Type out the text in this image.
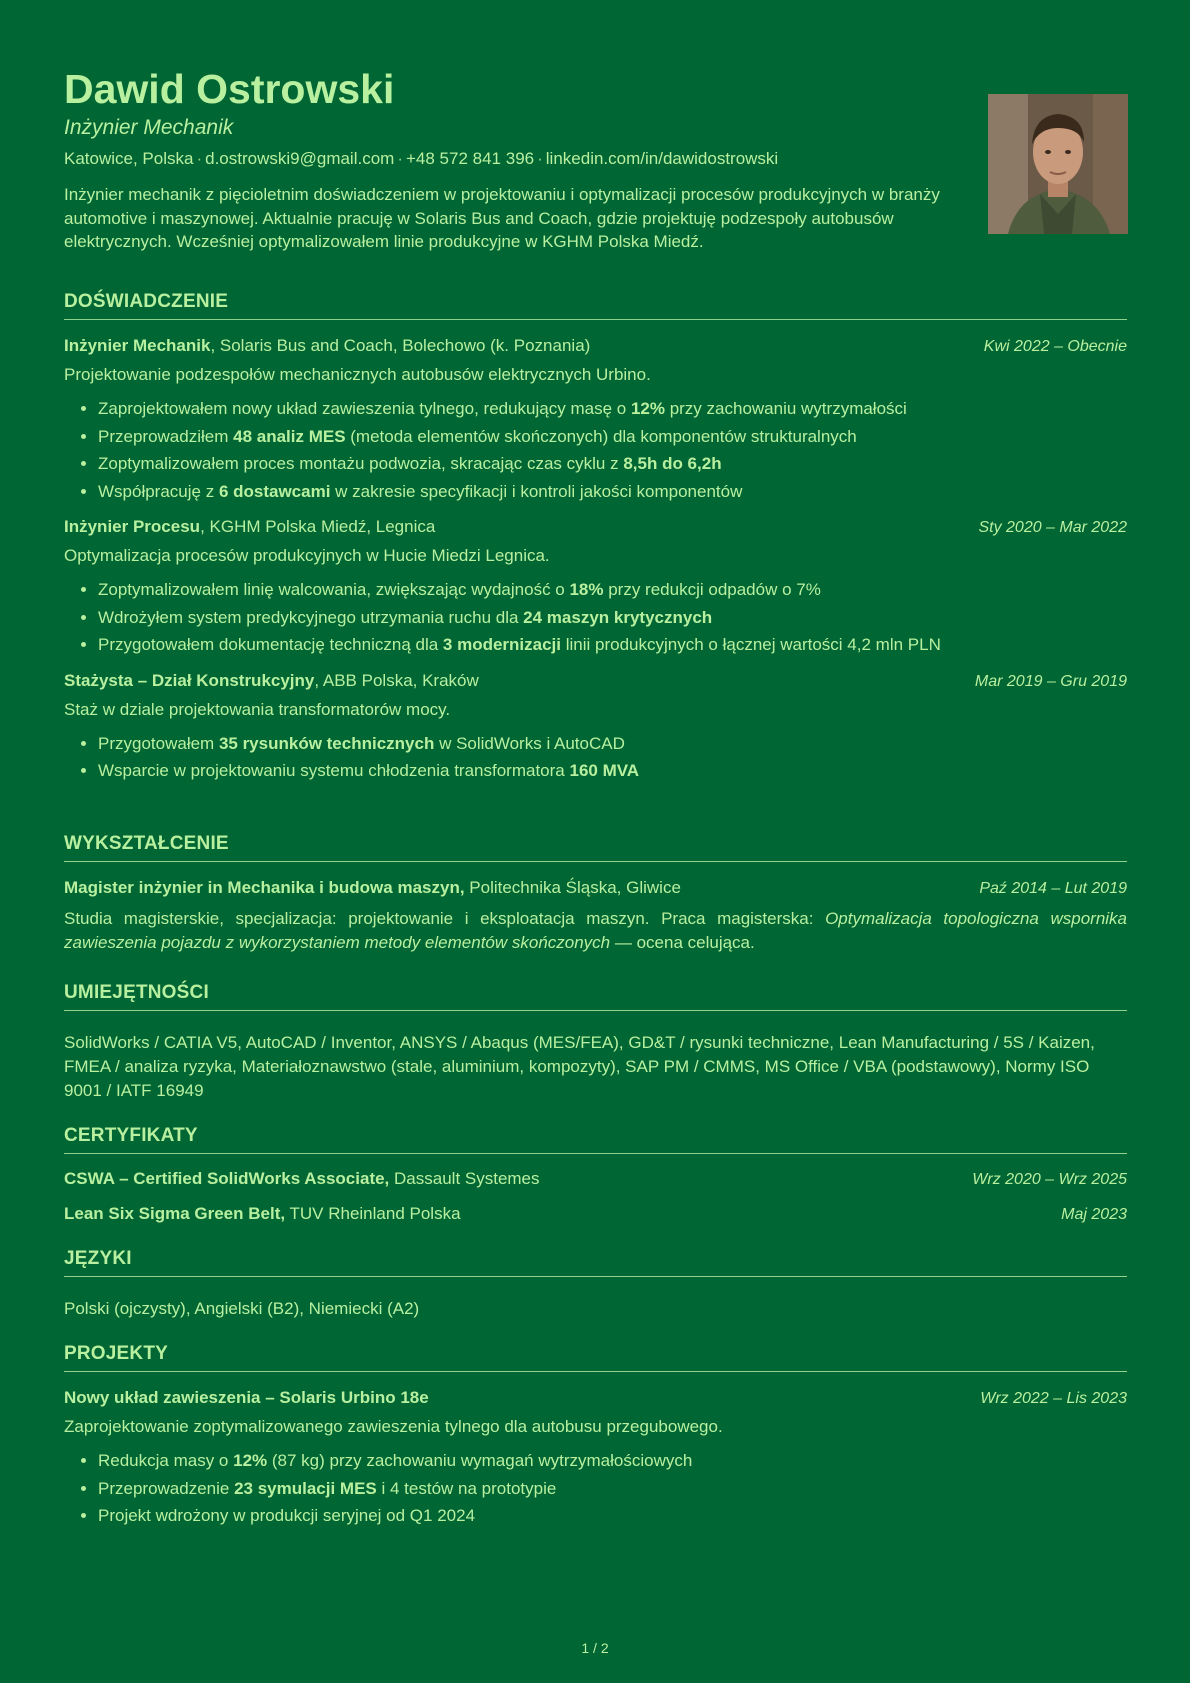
Dawid Ostrowski
Inżynier Mechanik
Katowice, Polska · d.ostrowski9@gmail.com · +48 572 841 396 · linkedin.com/in/dawidostrowski
Inżynier mechanik z pięcioletnim doświadczeniem w projektowaniu i optymalizacji procesów produkcyjnych w branży automotive i maszynowej. Aktualnie pracuję w Solaris Bus and Coach, gdzie projektuję podzespoły autobusów elektrycznych. Wcześniej optymalizowałem linie produkcyjne w KGHM Polska Miedź.
DOŚWIADCZENIE
Inżynier Mechanik, Solaris Bus and Coach, Bolechowo (k. Poznania)	Kwi 2022 – Obecnie
Projektowanie podzespołów mechanicznych autobusów elektrycznych Urbino.
• Zaprojektowałem nowy układ zawieszenia tylnego, redukujący masę o 12% przy zachowaniu wytrzymałości
• Przeprowadziłem 48 analiz MES (metoda elementów skończonych) dla komponentów strukturalnych
• Zoptymalizowałem proces montażu podwozia, skracając czas cyklu z 8,5h do 6,2h
• Współpracuję z 6 dostawcami w zakresie specyfikacji i kontroli jakości komponentów
Inżynier Procesu, KGHM Polska Miedź, Legnica	Sty 2020 – Mar 2022
Optymalizacja procesów produkcyjnych w Hucie Miedzi Legnica.
• Zoptymalizowałem linię walcowania, zwiększając wydajność o 18% przy redukcji odpadów o 7%
• Wdrożyłem system predykcyjnego utrzymania ruchu dla 24 maszyn krytycznych
• Przygotowałem dokumentację techniczną dla 3 modernizacji linii produkcyjnych o łącznej wartości 4,2 mln PLN
Stażysta – Dział Konstrukcyjny, ABB Polska, Kraków	Mar 2019 – Gru 2019
Staż w dziale projektowania transformatorów mocy.
• Przygotowałem 35 rysunków technicznych w SolidWorks i AutoCAD
• Wsparcie w projektowaniu systemu chłodzenia transformatora 160 MVA
WYKSZTAŁCENIE
Magister inżynier in Mechanika i budowa maszyn, Politechnika Śląska, Gliwice	Paź 2014 – Lut 2019
Studia magisterskie, specjalizacja: projektowanie i eksploatacja maszyn. Praca magisterska: Optymalizacja topologiczna wspornika zawieszenia pojazdu z wykorzystaniem metody elementów skończonych — ocena celująca.
UMIEJĘTNOŚCI
SolidWorks / CATIA V5, AutoCAD / Inventor, ANSYS / Abaqus (MES/FEA), GD&T / rysunki techniczne, Lean Manufacturing / 5S / Kaizen, FMEA / analiza ryzyka, Materiałoznawstwo (stale, aluminium, kompozyty), SAP PM / CMMS, MS Office / VBA (podstawowy), Normy ISO 9001 / IATF 16949
CERTYFIKATY
CSWA – Certified SolidWorks Associate, Dassault Systemes	Wrz 2020 – Wrz 2025
Lean Six Sigma Green Belt, TUV Rheinland Polska	Maj 2023
JĘZYKI
Polski (ojczysty), Angielski (B2), Niemiecki (A2)
PROJEKTY
Nowy układ zawieszenia – Solaris Urbino 18e	Wrz 2022 – Lis 2023
Zaprojektowanie zoptymalizowanego zawieszenia tylnego dla autobusu przegubowego.
• Redukcja masy o 12% (87 kg) przy zachowaniu wymagań wytrzymałościowych
• Przeprowadzenie 23 symulacji MES i 4 testów na prototypie
• Projekt wdrożony w produkcji seryjnej od Q1 2024
1 / 2
